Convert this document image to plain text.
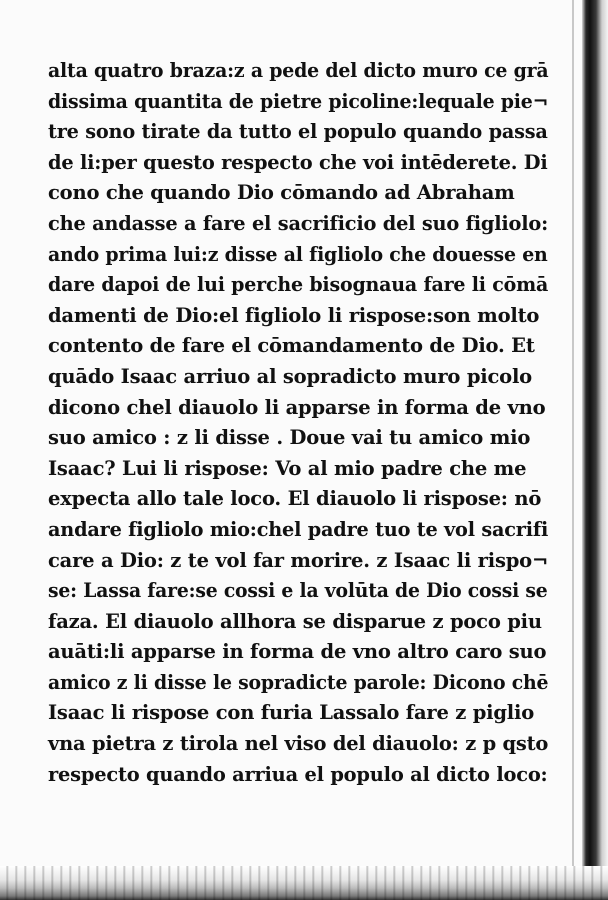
alta quatro braza:z a pede del dicto muro ce grā
dissima quantita de pietre picoline:lequale pie¬
tre sono tirate da tutto el populo quando passa
de li:per questo respecto che voi intēderete. Di
cono che quando Dio cōmando ad Abraham
che andasse a fare el sacrificio del suo figliolo:
ando prima lui:z disse al figliolo che douesse en
dare dapoi de lui perche bisognaua fare li cōmā
damenti de Dio:el figliolo li rispose:son molto
contento de fare el cōmandamento de Dio. Et
quādo Isaac arriuo al sopradicto muro picolo
dicono chel diauolo li apparse in forma de vno
suo amico : z li disse . Doue vai tu amico mio
Isaac? Lui li rispose: Vo al mio padre che me
expecta allo tale loco. El diauolo li rispose: nō
andare figliolo mio:chel padre tuo te vol sacrifi
care a Dio: z te vol far morire. z Isaac li rispo¬
se: Lassa fare:se cossi e la volūta de Dio cossi se
faza. El diauolo allhora se disparue z poco piu
auāti:li apparse in forma de vno altro caro suo
amico z li disse le sopradicte parole: Dicono chē
Isaac li rispose con furia Lassalo fare z piglio
vna pietra z tirola nel viso del diauolo: z p qsto
respecto quando arriua el populo al dicto loco:
